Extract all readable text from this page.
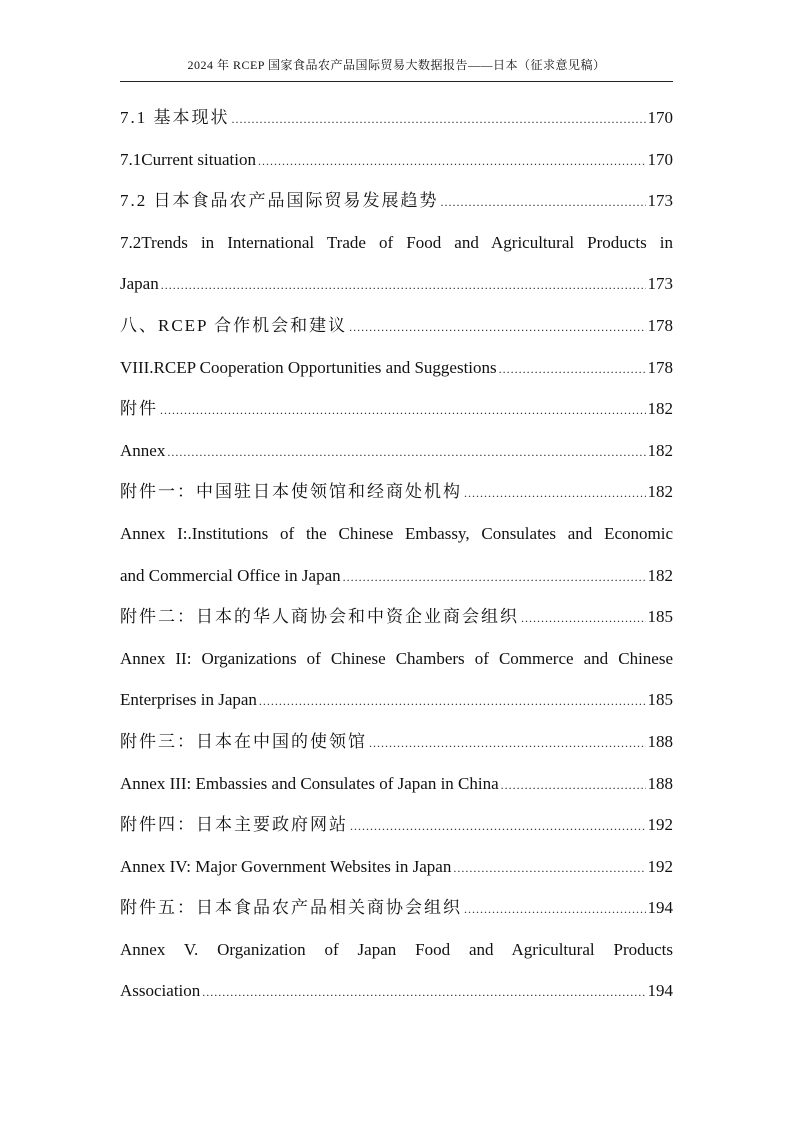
2024 年 RCEP 国家食品农产品国际贸易大数据报告——日本（征求意见稿）
7.1 基本现状 .....	170
7.1Current situation .....	170
7.2 日本食品农产品国际贸易发展趋势 .....	173
7.2Trends in International Trade of Food and Agricultural Products in
Japan .....	173
八、RCEP 合作机会和建议 .....	178
VIII.RCEP Cooperation Opportunities and Suggestions .....	178
附件 .....	182
Annex .....	182
附件一：中国驻日本使领馆和经商处机构 .....	182
Annex I:.Institutions of the Chinese Embassy, Consulates and Economic
and Commercial Office in Japan .....	182
附件二：日本的华人商协会和中资企业商会组织 .....	185
Annex II: Organizations of Chinese Chambers of Commerce and Chinese
Enterprises in Japan .....	185
附件三：日本在中国的使领馆 .....	188
Annex III: Embassies and Consulates of Japan in China .....	188
附件四：日本主要政府网站 .....	192
Annex IV: Major Government Websites in Japan .....	192
附件五：日本食品农产品相关商协会组织 .....	194
Annex V. Organization of Japan Food and Agricultural Products
Association .....	194
